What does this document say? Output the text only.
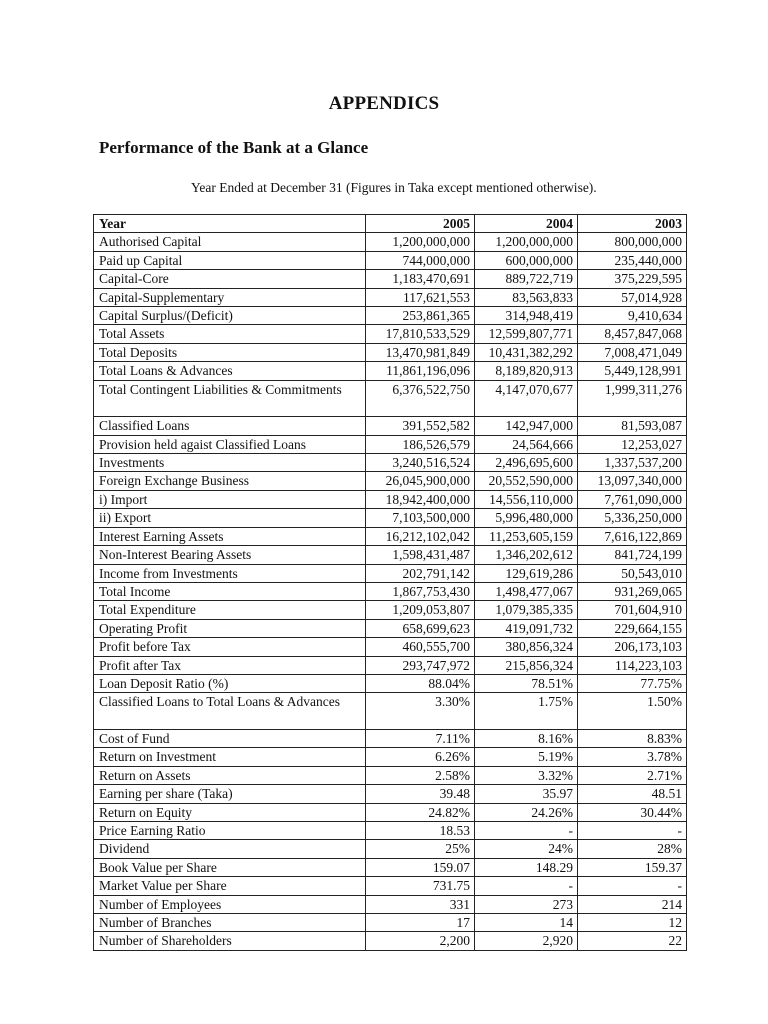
APPENDICS
Performance of the Bank at a Glance
Year Ended at December 31 (Figures in Taka except mentioned otherwise).
Year	2005	2004	2003
Authorised Capital	1,200,000,000	1,200,000,000	800,000,000
Paid up Capital	744,000,000	600,000,000	235,440,000
Capital-Core	1,183,470,691	889,722,719	375,229,595
Capital-Supplementary	117,621,553	83,563,833	57,014,928
Capital Surplus/(Deficit)	253,861,365	314,948,419	9,410,634
Total Assets	17,810,533,529	12,599,807,771	8,457,847,068
Total Deposits	13,470,981,849	10,431,382,292	7,008,471,049
Total Loans & Advances	11,861,196,096	8,189,820,913	5,449,128,991
Total Contingent Liabilities & Commitments	6,376,522,750	4,147,070,677	1,999,311,276
Classified Loans	391,552,582	142,947,000	81,593,087
Provision held agaist Classified Loans	186,526,579	24,564,666	12,253,027
Investments	3,240,516,524	2,496,695,600	1,337,537,200
Foreign Exchange Business	26,045,900,000	20,552,590,000	13,097,340,000
i) Import	18,942,400,000	14,556,110,000	7,761,090,000
ii) Export	7,103,500,000	5,996,480,000	5,336,250,000
Interest Earning Assets	16,212,102,042	11,253,605,159	7,616,122,869
Non-Interest Bearing Assets	1,598,431,487	1,346,202,612	841,724,199
Income from Investments	202,791,142	129,619,286	50,543,010
Total Income	1,867,753,430	1,498,477,067	931,269,065
Total Expenditure	1,209,053,807	1,079,385,335	701,604,910
Operating Profit	658,699,623	419,091,732	229,664,155
Profit before Tax	460,555,700	380,856,324	206,173,103
Profit after Tax	293,747,972	215,856,324	114,223,103
Loan Deposit Ratio (%)	88.04%	78.51%	77.75%
Classified Loans to Total Loans & Advances	3.30%	1.75%	1.50%
Cost of Fund	7.11%	8.16%	8.83%
Return on Investment	6.26%	5.19%	3.78%
Return on Assets	2.58%	3.32%	2.71%
Earning per share (Taka)	39.48	35.97	48.51
Return on Equity	24.82%	24.26%	30.44%
Price Earning Ratio	18.53	-	-
Dividend	25%	24%	28%
Book Value per Share	159.07	148.29	159.37
Market Value per Share	731.75	-	-
Number of Employees	331	273	214
Number of Branches	17	14	12
Number of Shareholders	2,200	2,920	22
